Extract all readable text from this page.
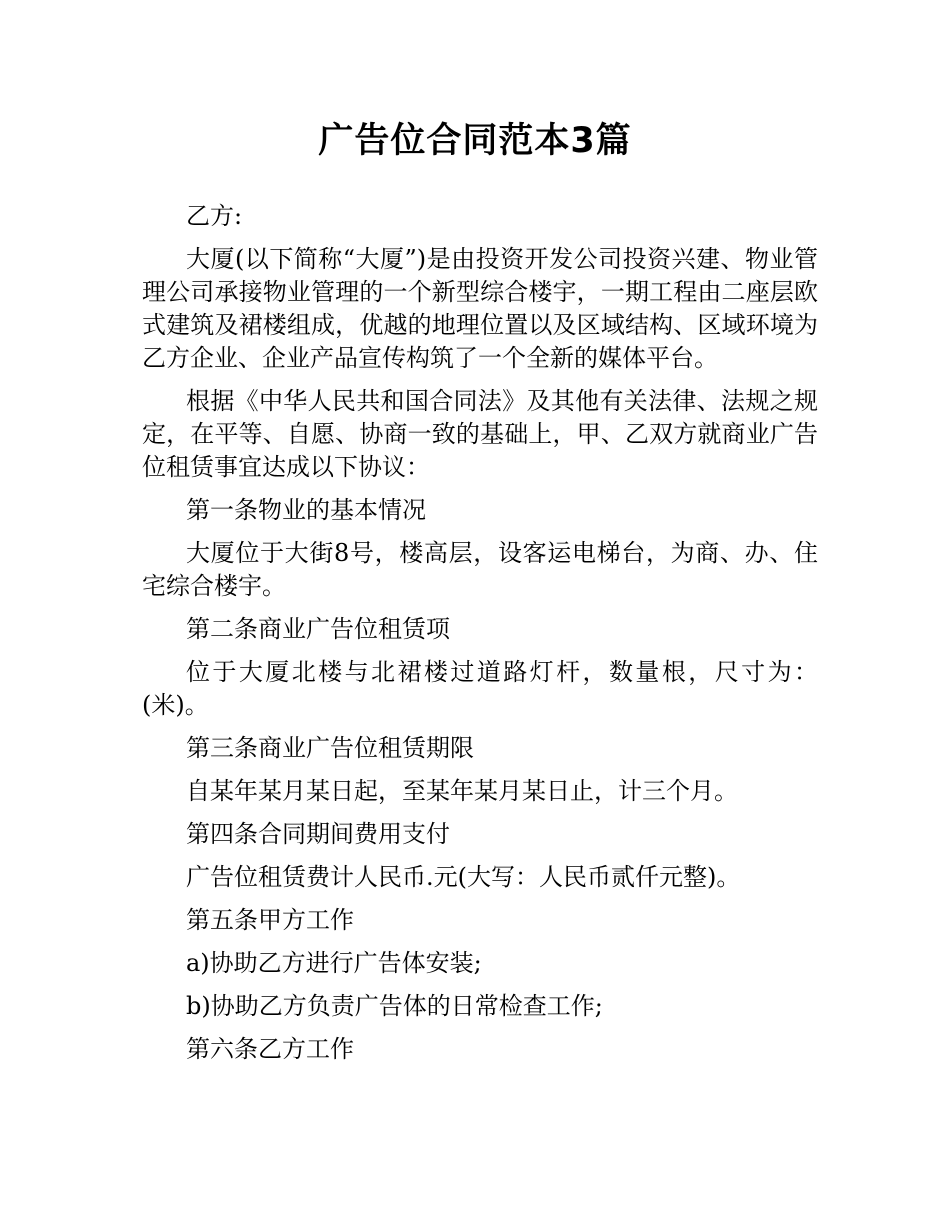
广告位合同范本3篇

乙方:

大厦(以下简称“大厦”)是由投资开发公司投资兴建、物业管理公司承接物业管理的一个新型综合楼宇，一期工程由二座层欧式建筑及裙楼组成，优越的地理位置以及区域结构、区域环境为乙方企业、企业产品宣传构筑了一个全新的媒体平台。

根据《中华人民共和国合同法》及其他有关法律、法规之规定，在平等、自愿、协商一致的基础上，甲、乙双方就商业广告位租赁事宜达成以下协议：

第一条物业的基本情况

大厦位于大街8号，楼高层，设客运电梯台，为商、办、住宅综合楼宇。

第二条商业广告位租赁项

位于大厦北楼与北裙楼过道路灯杆，数量根，尺寸为：(米)。

第三条商业广告位租赁期限

自某年某月某日起，至某年某月某日止，计三个月。

第四条合同期间费用支付

广告位租赁费计人民币.元(大写：人民币贰仟元整)。

第五条甲方工作

a)协助乙方进行广告体安装;

b)协助乙方负责广告体的日常检查工作;

第六条乙方工作
